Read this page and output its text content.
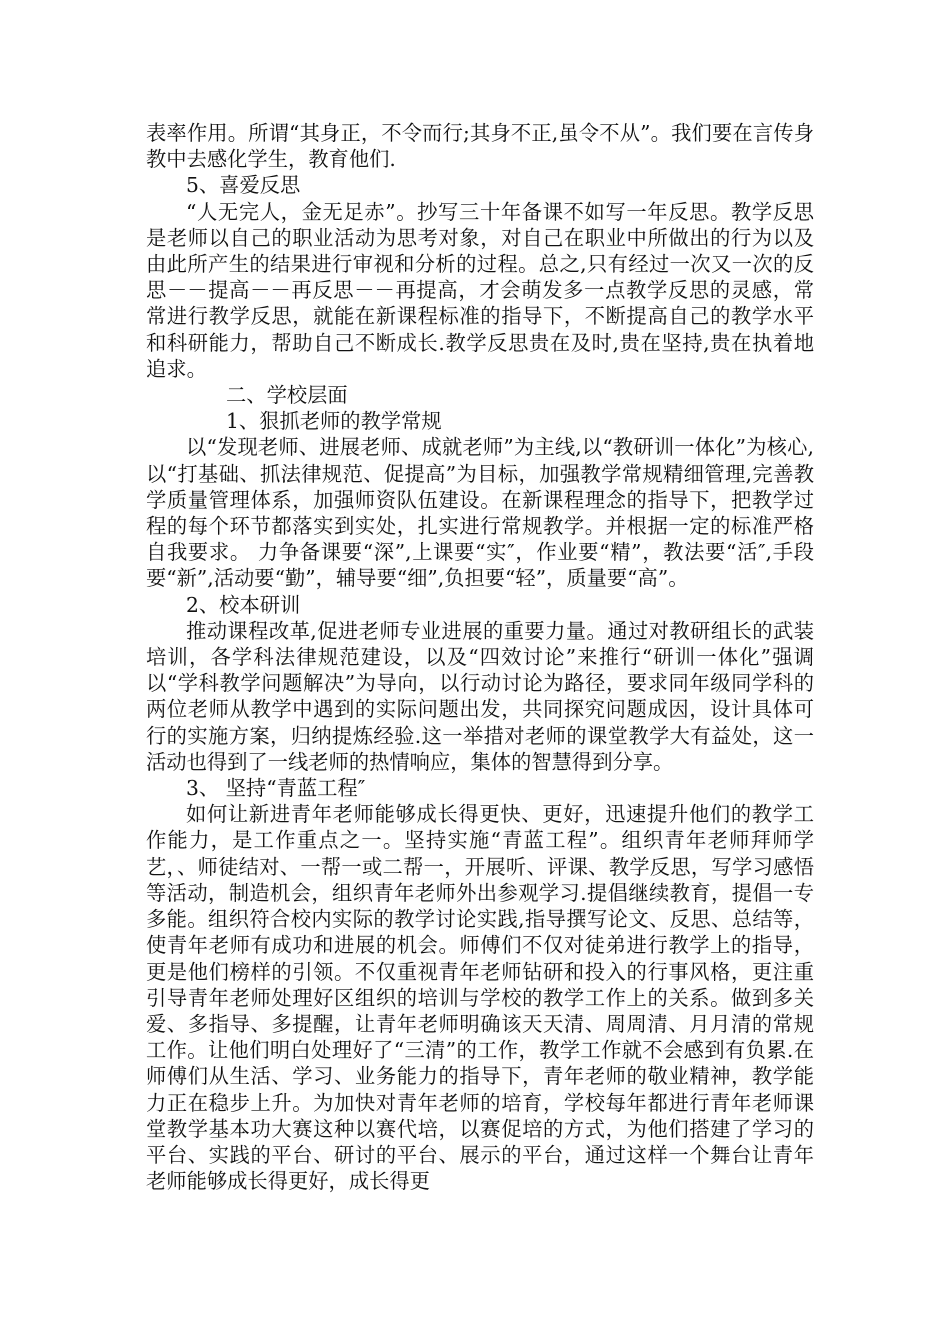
表率作用。所谓“其身正，不令而行;其身不正,虽令不从”。我们要在言传身教中去感化学生，教育他们.

5、喜爱反思

“人无完人，金无足赤”。抄写三十年备课不如写一年反思。教学反思是老师以自己的职业活动为思考对象，对自己在职业中所做出的行为以及由此所产生的结果进行审视和分析的过程。总之,只有经过一次又一次的反思－－提高－－再反思－－再提高，才会萌发多一点教学反思的灵感，常常进行教学反思，就能在新课程标准的指导下，不断提高自己的教学水平和科研能力，帮助自己不断成长.教学反思贵在及时,贵在坚持,贵在执着地追求。

二、学校层面

1、狠抓老师的教学常规

以“发现老师、进展老师、成就老师”为主线,以“教研训一体化”为核心,以“打基础、抓法律规范、促提高”为目标，加强教学常规精细管理,完善教学质量管理体系，加强师资队伍建设。在新课程理念的指导下，把教学过程的每个环节都落实到实处，扎实进行常规教学。并根据一定的标准严格自我要求。 力争备课要“深”,上课要“实″，作业要“精”，教法要“活″,手段要“新”,活动要“勤”，辅导要“细”,负担要“轻”，质量要“高”。

2、校本研训

推动课程改革,促进老师专业进展的重要力量。通过对教研组长的武装培训，各学科法律规范建设，以及“四效讨论”来推行“研训一体化”强调以“学科教学问题解决”为导向，以行动讨论为路径，要求同年级同学科的两位老师从教学中遇到的实际问题出发，共同探究问题成因，设计具体可行的实施方案，归纳提炼经验.这一举措对老师的课堂教学大有益处，这一活动也得到了一线老师的热情响应，集体的智慧得到分享。

3、 坚持“青蓝工程″

如何让新进青年老师能够成长得更快、更好，迅速提升他们的教学工作能力，是工作重点之一。坚持实施“青蓝工程”。组织青年老师拜师学艺，、师徒结对、一帮一或二帮一，开展听、评课、教学反思，写学习感悟等活动，制造机会，组织青年老师外出参观学习.提倡继续教育，提倡一专多能。组织符合校内实际的教学讨论实践,指导撰写论文、反思、总结等，使青年老师有成功和进展的机会。师傅们不仅对徒弟进行教学上的指导，更是他们榜样的引领。不仅重视青年老师钻研和投入的行事风格，更注重引导青年老师处理好区组织的培训与学校的教学工作上的关系。做到多关爱、多指导、多提醒，让青年老师明确该天天清、周周清、月月清的常规工作。让他们明白处理好了“三清”的工作，教学工作就不会感到有负累.在师傅们从生活、学习、业务能力的指导下，青年老师的敬业精神，教学能力正在稳步上升。为加快对青年老师的培育，学校每年都进行青年老师课堂教学基本功大赛这种以赛代培，以赛促培的方式，为他们搭建了学习的平台、实践的平台、研讨的平台、展示的平台，通过这样一个舞台让青年老师能够成长得更好，成长得更
